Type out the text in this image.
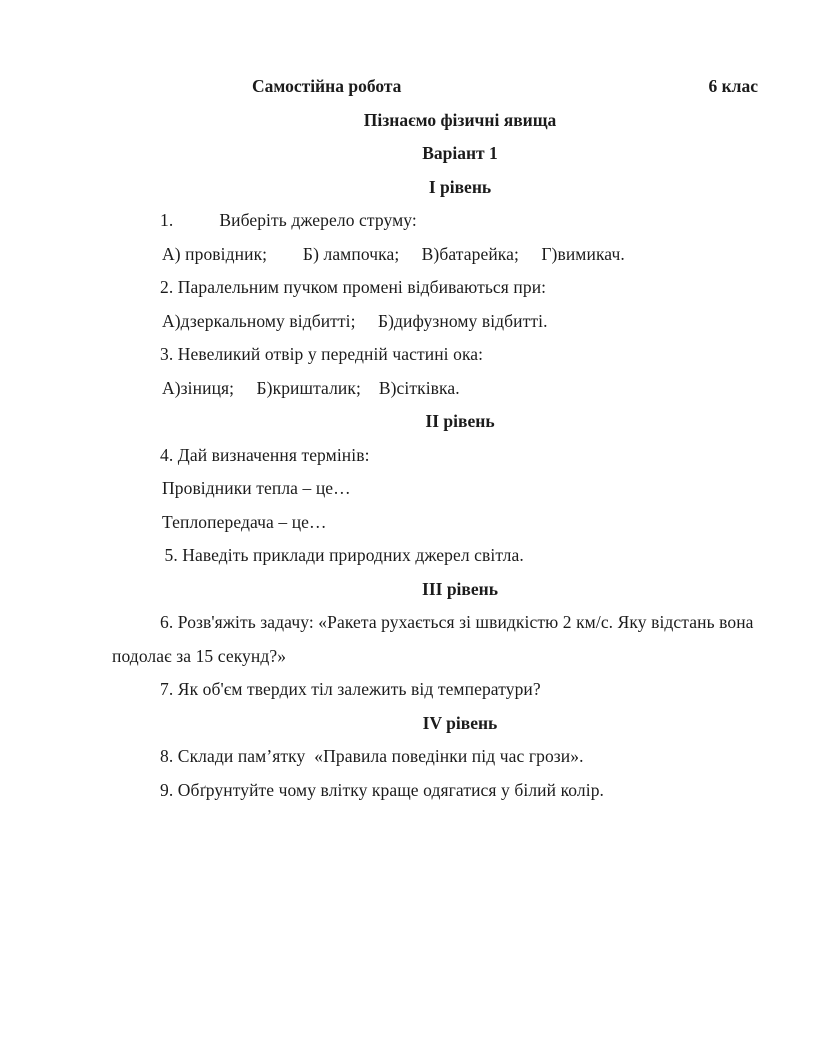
Самостійна робота	6 клас
Пізнаємо фізичні явища
Варіант 1
I рівень
1.	Виберіть джерело струму:
А) провідник;        Б) лампочка;     В)батарейка;     Г)вимикач.
2. Паралельним пучком промені відбиваються при:
А)дзеркальному відбитті;     Б)дифузному відбитті.
3. Невеликий отвір у передній частині ока:
А)зіниця;     Б)кришталик;    В)сітківка.
II рівень
4. Дай визначення термінів:
Провідники тепла – це…
Теплопередача – це…
5. Наведіть приклади природних джерел світла.
III рівень
6. Розв'яжіть задачу: «Ракета рухається зі швидкістю 2 км/с. Яку відстань вона подолає за 15 секунд?»
7. Як об'єм твердих тіл залежить від температури?
IV рівень
8. Склади пам’ятку  «Правила поведінки під час грози».
9. Обґрунтуйте чому влітку краще одягатися у білий колір.
